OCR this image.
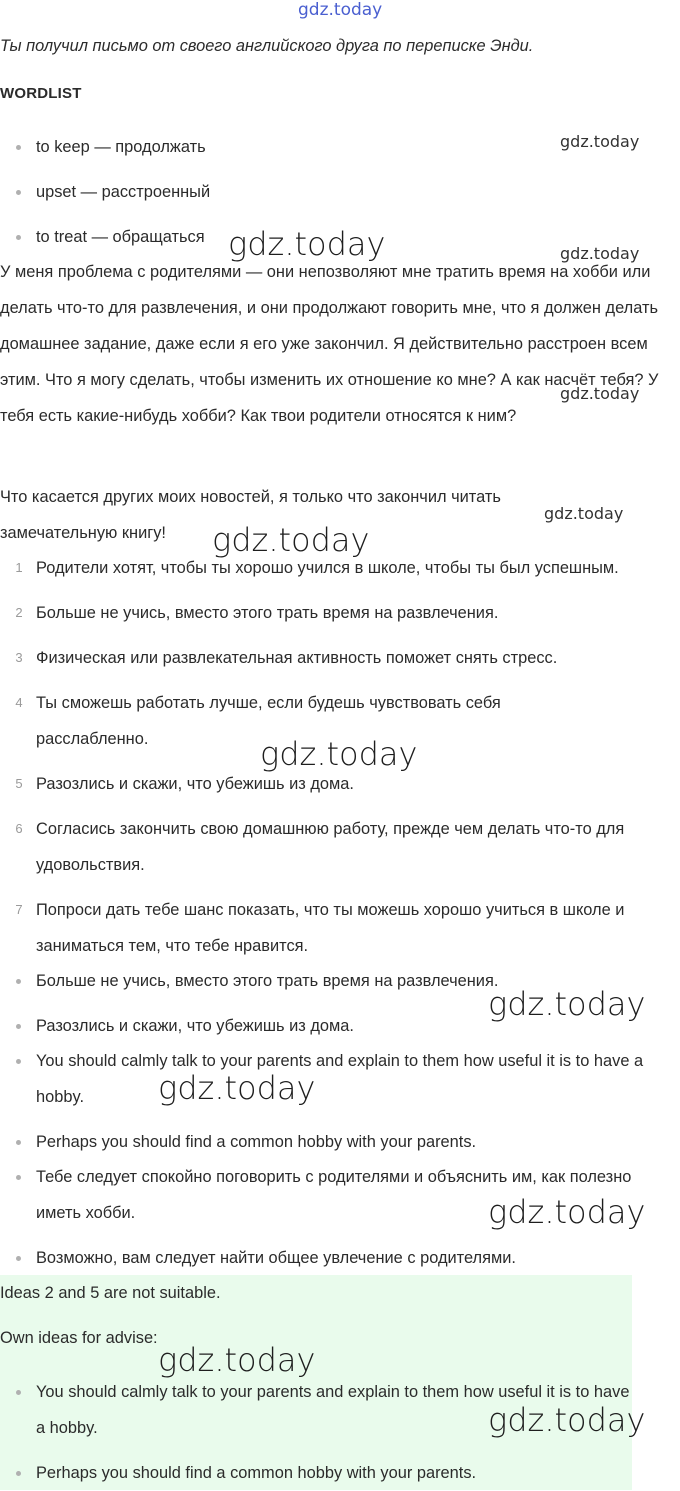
gdz.today

Ты получил письмо от своего английского друга по переписке Энди.

WORDLIST
to keep — продолжать
upset — расстроенный
to treat — обращаться

У меня проблема с родителями — они непозволяют мне тратить время на хобби или делать что-то для развлечения, и они продолжают говорить мне, что я должен делать домашнее задание, даже если я его уже закончил. Я действительно расстроен всем этим. Что я могу сделать, чтобы изменить их отношение ко мне? А как насчёт тебя? У тебя есть какие-нибудь хобби? Как твои родители относятся к ним?

Что касается других моих новостей, я только что закончил читать замечательную книгу!

1 Родители хотят, чтобы ты хорошо учился в школе, чтобы ты был успешным.
2 Больше не учись, вместо этого трать время на развлечения.
3 Физическая или развлекательная активность поможет снять стресс.
4 Ты сможешь работать лучше, если будешь чувствовать себя расслабленно.
5 Разозлись и скажи, что убежишь из дома.
6 Согласись закончить свою домашнюю работу, прежде чем делать что-то для удовольствия.
7 Попроси дать тебе шанс показать, что ты можешь хорошо учиться в школе и заниматься тем, что тебе нравится.
Больше не учись, вместо этого трать время на развлечения.
Разозлись и скажи, что убежишь из дома.
You should calmly talk to your parents and explain to them how useful it is to have a hobby.
Perhaps you should find a common hobby with your parents.
Тебе следует спокойно поговорить с родителями и объяснить им, как полезно иметь хобби.
Возможно, вам следует найти общее увлечение с родителями.

Ideas 2 and 5 are not suitable.

Own ideas for advise:

You should calmly talk to your parents and explain to them how useful it is to have a hobby.
Perhaps you should find a common hobby with your parents.
gdz.today
gdz.today	gdz.today
gdz.today
gdz.today
gdz.today
gdz.today
gdz.today
gdz.today
gdz.today
gdz.today
gdz.today
